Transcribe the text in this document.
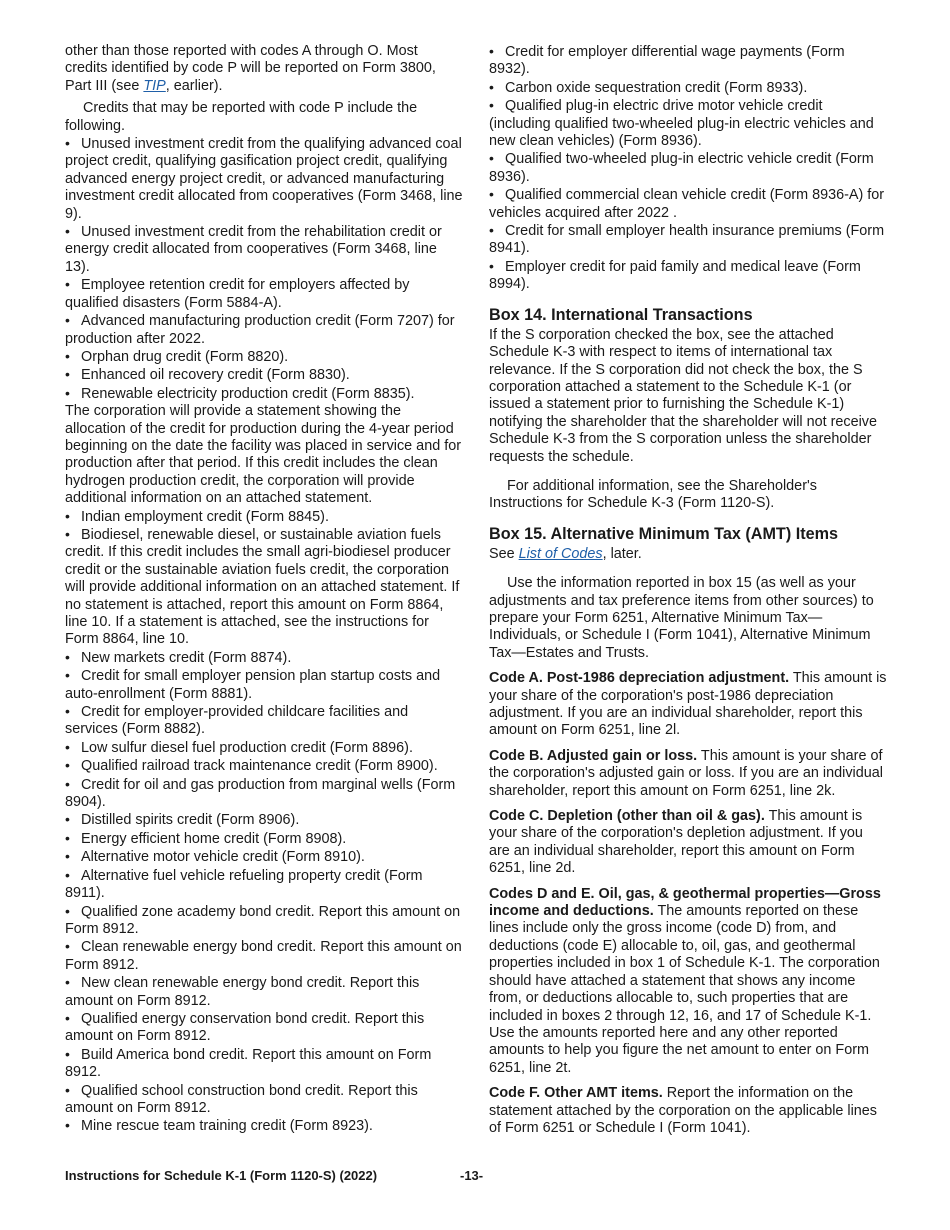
other than those reported with codes A through O. Most credits identified by code P will be reported on Form 3800, Part III (see TIP, earlier).

Credits that may be reported with code P include the following.

• Unused investment credit from the qualifying advanced coal project credit, qualifying gasification project credit, qualifying advanced energy project credit, or advanced manufacturing investment credit allocated from cooperatives (Form 3468, line 9).

• Unused investment credit from the rehabilitation credit or energy credit allocated from cooperatives (Form 3468, line 13).

• Employee retention credit for employers affected by qualified disasters (Form 5884-A).

• Advanced manufacturing production credit (Form 7207) for production after 2022.

• Orphan drug credit (Form 8820).

• Enhanced oil recovery credit (Form 8830).

• Renewable electricity production credit (Form 8835).

The corporation will provide a statement showing the allocation of the credit for production during the 4-year period beginning on the date the facility was placed in service and for production after that period. If this credit includes the clean hydrogen production credit, the corporation will provide additional information on an attached statement.

• Indian employment credit (Form 8845).

• Biodiesel, renewable diesel, or sustainable aviation fuels credit. If this credit includes the small agri-biodiesel producer credit or the sustainable aviation fuels credit, the corporation will provide additional information on an attached statement. If no statement is attached, report this amount on Form 8864, line 10. If a statement is attached, see the instructions for Form 8864, line 10.

• New markets credit (Form 8874).

• Credit for small employer pension plan startup costs and auto-enrollment (Form 8881).

• Credit for employer-provided childcare facilities and services (Form 8882).

• Low sulfur diesel fuel production credit (Form 8896).

• Qualified railroad track maintenance credit (Form 8900).

• Credit for oil and gas production from marginal wells (Form 8904).

• Distilled spirits credit (Form 8906).

• Energy efficient home credit (Form 8908).

• Alternative motor vehicle credit (Form 8910).

• Alternative fuel vehicle refueling property credit (Form 8911).

• Qualified zone academy bond credit. Report this amount on Form 8912.

• Clean renewable energy bond credit. Report this amount on Form 8912.

• New clean renewable energy bond credit. Report this amount on Form 8912.

• Qualified energy conservation bond credit. Report this amount on Form 8912.

• Build America bond credit. Report this amount on Form 8912.

• Qualified school construction bond credit. Report this amount on Form 8912.

• Mine rescue team training credit (Form 8923).

• Credit for employer differential wage payments (Form 8932).

• Carbon oxide sequestration credit (Form 8933).

• Qualified plug-in electric drive motor vehicle credit (including qualified two-wheeled plug-in electric vehicles and new clean vehicles) (Form 8936).

• Qualified two-wheeled plug-in electric vehicle credit (Form 8936).

• Qualified commercial clean vehicle credit (Form 8936-A) for vehicles acquired after 2022 .

• Credit for small employer health insurance premiums (Form 8941).

• Employer credit for paid family and medical leave (Form 8994).

Box 14. International Transactions

If the S corporation checked the box, see the attached Schedule K-3 with respect to items of international tax relevance. If the S corporation did not check the box, the S corporation attached a statement to the Schedule K-1 (or issued a statement prior to furnishing the Schedule K-1) notifying the shareholder that the shareholder will not receive Schedule K-3 from the S corporation unless the shareholder requests the schedule.

For additional information, see the Shareholder's Instructions for Schedule K-3 (Form 1120-S).

Box 15. Alternative Minimum Tax (AMT) Items

See List of Codes, later.

Use the information reported in box 15 (as well as your adjustments and tax preference items from other sources) to prepare your Form 6251, Alternative Minimum Tax—Individuals, or Schedule I (Form 1041), Alternative Minimum Tax—Estates and Trusts.

Code A. Post-1986 depreciation adjustment. This amount is your share of the corporation's post-1986 depreciation adjustment. If you are an individual shareholder, report this amount on Form 6251, line 2l.

Code B. Adjusted gain or loss. This amount is your share of the corporation's adjusted gain or loss. If you are an individual shareholder, report this amount on Form 6251, line 2k.

Code C. Depletion (other than oil & gas). This amount is your share of the corporation's depletion adjustment. If you are an individual shareholder, report this amount on Form 6251, line 2d.

Codes D and E. Oil, gas, & geothermal properties—Gross income and deductions. The amounts reported on these lines include only the gross income (code D) from, and deductions (code E) allocable to, oil, gas, and geothermal properties included in box 1 of Schedule K-1. The corporation should have attached a statement that shows any income from, or deductions allocable to, such properties that are included in boxes 2 through 12, 16, and 17 of Schedule K-1. Use the amounts reported here and any other reported amounts to help you figure the net amount to enter on Form 6251, line 2t.

Code F. Other AMT items. Report the information on the statement attached by the corporation on the applicable lines of Form 6251 or Schedule I (Form 1041).

Instructions for Schedule K-1 (Form 1120-S) (2022)	-13-
